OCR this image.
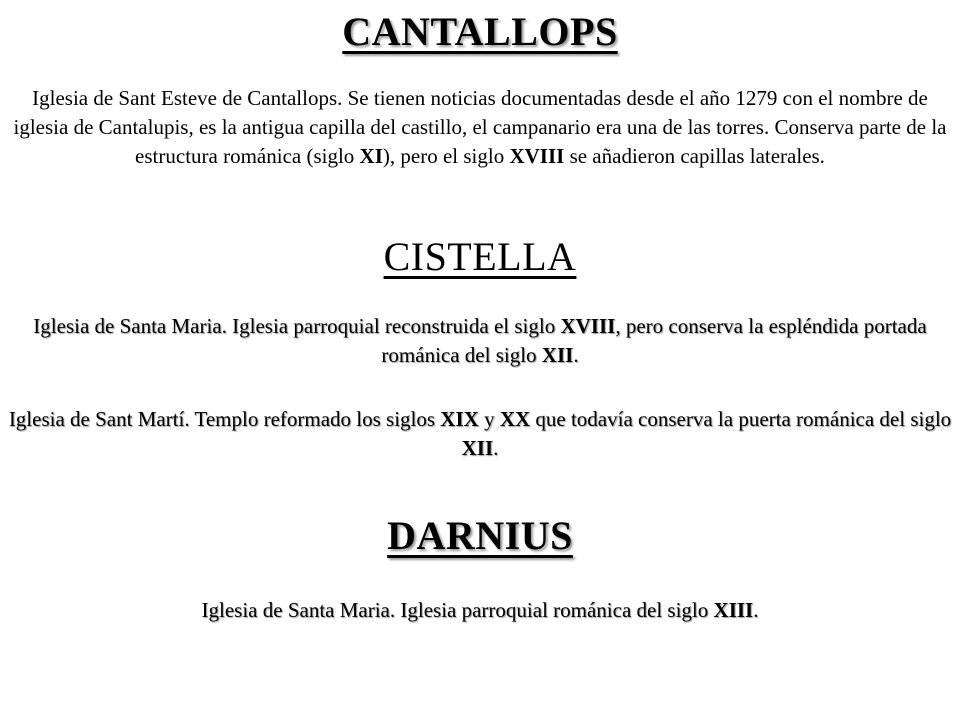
CANTALLOPS

Iglesia de Sant Esteve de Cantallops. Se tienen noticias documentadas desde el año 1279 con el nombre de iglesia de Cantalupis, es la antigua capilla del castillo, el campanario era una de las torres. Conserva parte de la estructura románica (siglo XI), pero el siglo XVIII se añadieron capillas laterales.

CISTELLA

Iglesia de Santa Maria. Iglesia parroquial reconstruida el siglo XVIII, pero conserva la espléndida portada románica del siglo XII.

Iglesia de Sant Martí. Templo reformado los siglos XIX y XX que todavía conserva la puerta románica del siglo XII.

DARNIUS

Iglesia de Santa Maria. Iglesia parroquial románica del siglo XIII.
